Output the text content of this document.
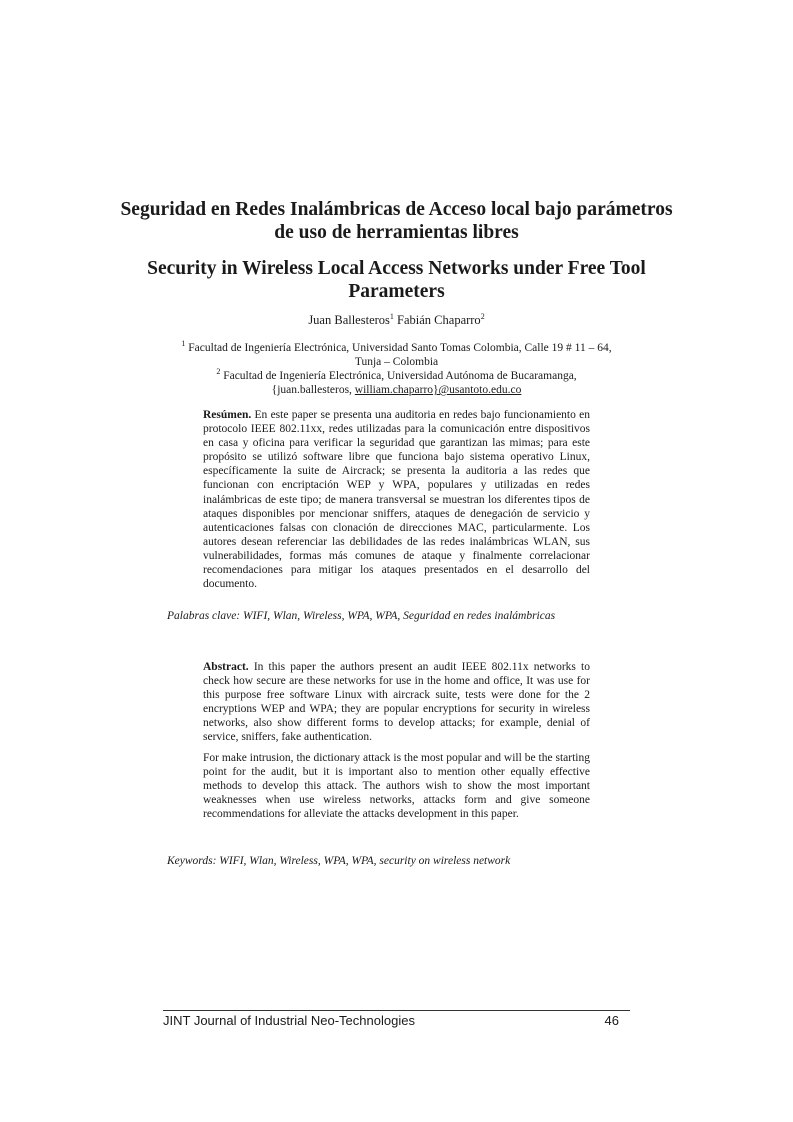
Seguridad en Redes Inalámbricas de Acceso local bajo parámetros de uso de herramientas libres
Security in Wireless Local Access Networks under Free Tool Parameters
Juan Ballesteros$^1$ Fabián Chaparro$^2$
$^1$ Facultad de Ingeniería Electrónica, Universidad Santo Tomas Colombia, Calle 19 # 11 – 64, Tunja – Colombia
$^2$ Facultad de Ingeniería Electrónica, Universidad Autónoma de Bucaramanga,
{juan.ballesteros, william.chaparro}@usantoto.edu.co

Resúmen. En este paper se presenta una auditoria en redes bajo funcionamiento en protocolo IEEE 802.11xx, redes utilizadas para la comunicación entre dispositivos en casa y oficina para verificar la seguridad que garantizan las mimas; para este propósito se utilizó software libre que funciona bajo sistema operativo Linux, específicamente la suite de Aircrack; se presenta la auditoria a las redes que funcionan con encriptación WEP y WPA, populares y utilizadas en redes inalámbricas de este tipo; de manera transversal se muestran los diferentes tipos de ataques disponibles por mencionar sniffers, ataques de denegación de servicio y autenticaciones falsas con clonación de direcciones MAC, particularmente. Los autores desean referenciar las debilidades de las redes inalámbricas WLAN, sus vulnerabilidades, formas más comunes de ataque y finalmente correlacionar recomendaciones para mitigar los ataques presentados en el desarrollo del documento.

Palabras clave: WIFI, Wlan, Wireless, WPA, WPA, Seguridad en redes inalámbricas

Abstract. In this paper the authors present an audit IEEE 802.11x networks to check how secure are these networks for use in the home and office, It was use for this purpose free software Linux with aircrack suite, tests were done for the 2 encryptions WEP and WPA; they are popular encryptions for security in wireless networks, also show different forms to develop attacks; for example, denial of service, sniffers, fake authentication.

For make intrusion, the dictionary attack is the most popular and will be the starting point for the audit, but it is important also to mention other equally effective methods to develop this attack. The authors wish to show the most important weaknesses when use wireless networks, attacks form and give someone recommendations for alleviate the attacks development in this paper.

Keywords: WIFI, Wlan, Wireless, WPA, WPA, security on wireless network
JINT Journal of Industrial Neo-Technologies	46
